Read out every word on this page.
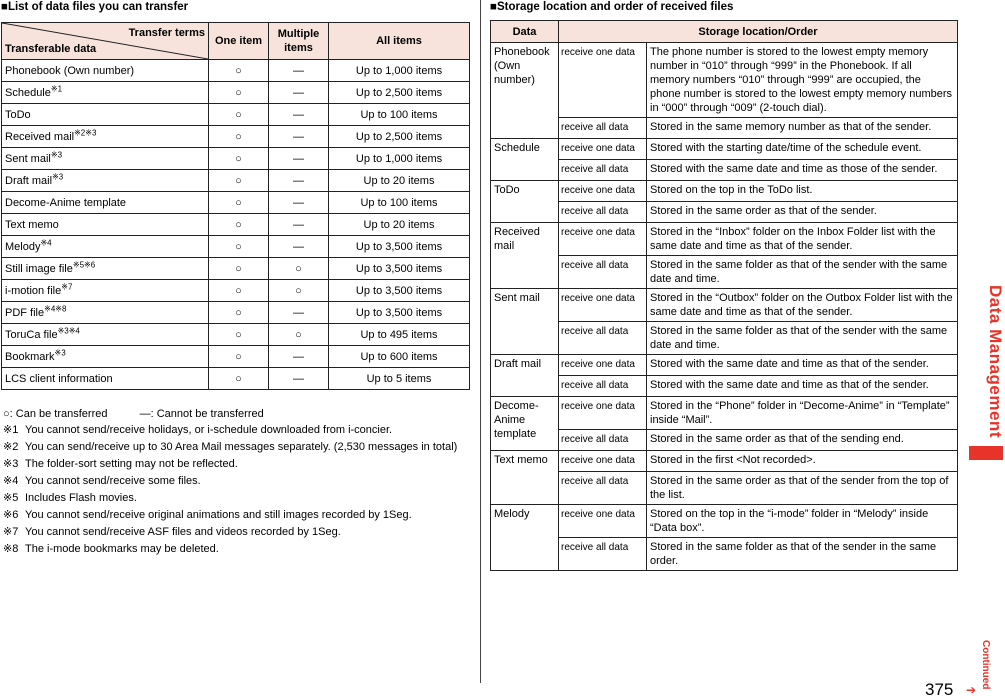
■List of data files you can transfer
Transfer terms
Transferable data	One item	Multiple items	All items
Phonebook (Own number)	○	—	Up to 1,000 items
Schedule$^{※1}$	○	—	Up to 2,500 items
ToDo	○	—	Up to 100 items
Received mail$^{※2※3}$	○	—	Up to 2,500 items
Sent mail$^{※3}$	○	—	Up to 1,000 items
Draft mail$^{※3}$	○	—	Up to 20 items
Decome-Anime template	○	—	Up to 100 items
Text memo	○	—	Up to 20 items
Melody$^{※4}$	○	—	Up to 3,500 items
Still image file$^{※5※6}$	○	○	Up to 3,500 items
i-motion file$^{※7}$	○	○	Up to 3,500 items
PDF file$^{※4※8}$	○	—	Up to 3,500 items
ToruCa file$^{※3※4}$	○	○	Up to 495 items
Bookmark$^{※3}$	○	—	Up to 600 items
LCS client information	○	—	Up to 5 items
○: Can be transferred	—: Cannot be transferred
※1 You cannot send/receive holidays, or i-schedule downloaded from i-concier.
※2 You can send/receive up to 30 Area Mail messages separately. (2,530 messages in total)
※3 The folder-sort setting may not be reflected.
※4 You cannot send/receive some files.
※5 Includes Flash movies.
※6 You cannot send/receive original animations and still images recorded by 1Seg.
※7 You cannot send/receive ASF files and videos recorded by 1Seg.
※8 The i-mode bookmarks may be deleted.
■Storage location and order of received files
Data	Storage location/Order	
Phonebook (Own number)	receive one data	The phone number is stored to the lowest empty memory number in “010” through “999” in the Phonebook. If all memory numbers “010” through “999” are occupied, the phone number is stored to the lowest empty memory numbers in “000” through “009” (2-touch dial).
	receive all data	Stored in the same memory number as that of the sender.
Schedule	receive one data	Stored with the starting date/time of the schedule event.
	receive all data	Stored with the same date and time as those of the sender.
ToDo	receive one data	Stored on the top in the ToDo list.
	receive all data	Stored in the same order as that of the sender.
Received mail	receive one data	Stored in the “Inbox” folder on the Inbox Folder list with the same date and time as that of the sender.
	receive all data	Stored in the same folder as that of the sender with the same date and time.
Sent mail	receive one data	Stored in the “Outbox” folder on the Outbox Folder list with the same date and time as that of the sender.
	receive all data	Stored in the same folder as that of the sender with the same date and time.
Draft mail	receive one data	Stored with the same date and time as that of the sender.
	receive all data	Stored with the same date and time as that of the sender.
Decome-Anime template	receive one data	Stored in the “Phone” folder in “Decome-Anime” in “Template” inside “Mail”.
	receive all data	Stored in the same order as that of the sending end.
Text memo	receive one data	Stored in the first <Not recorded>.
	receive all data	Stored in the same order as that of the sender from the top of the list.
Melody	receive one data	Stored on the top in the “i-mode” folder in “Melody” inside “Data box”.
	receive all data	Stored in the same folder as that of the sender in the same order.
Data Management
Continued
375 ➔
